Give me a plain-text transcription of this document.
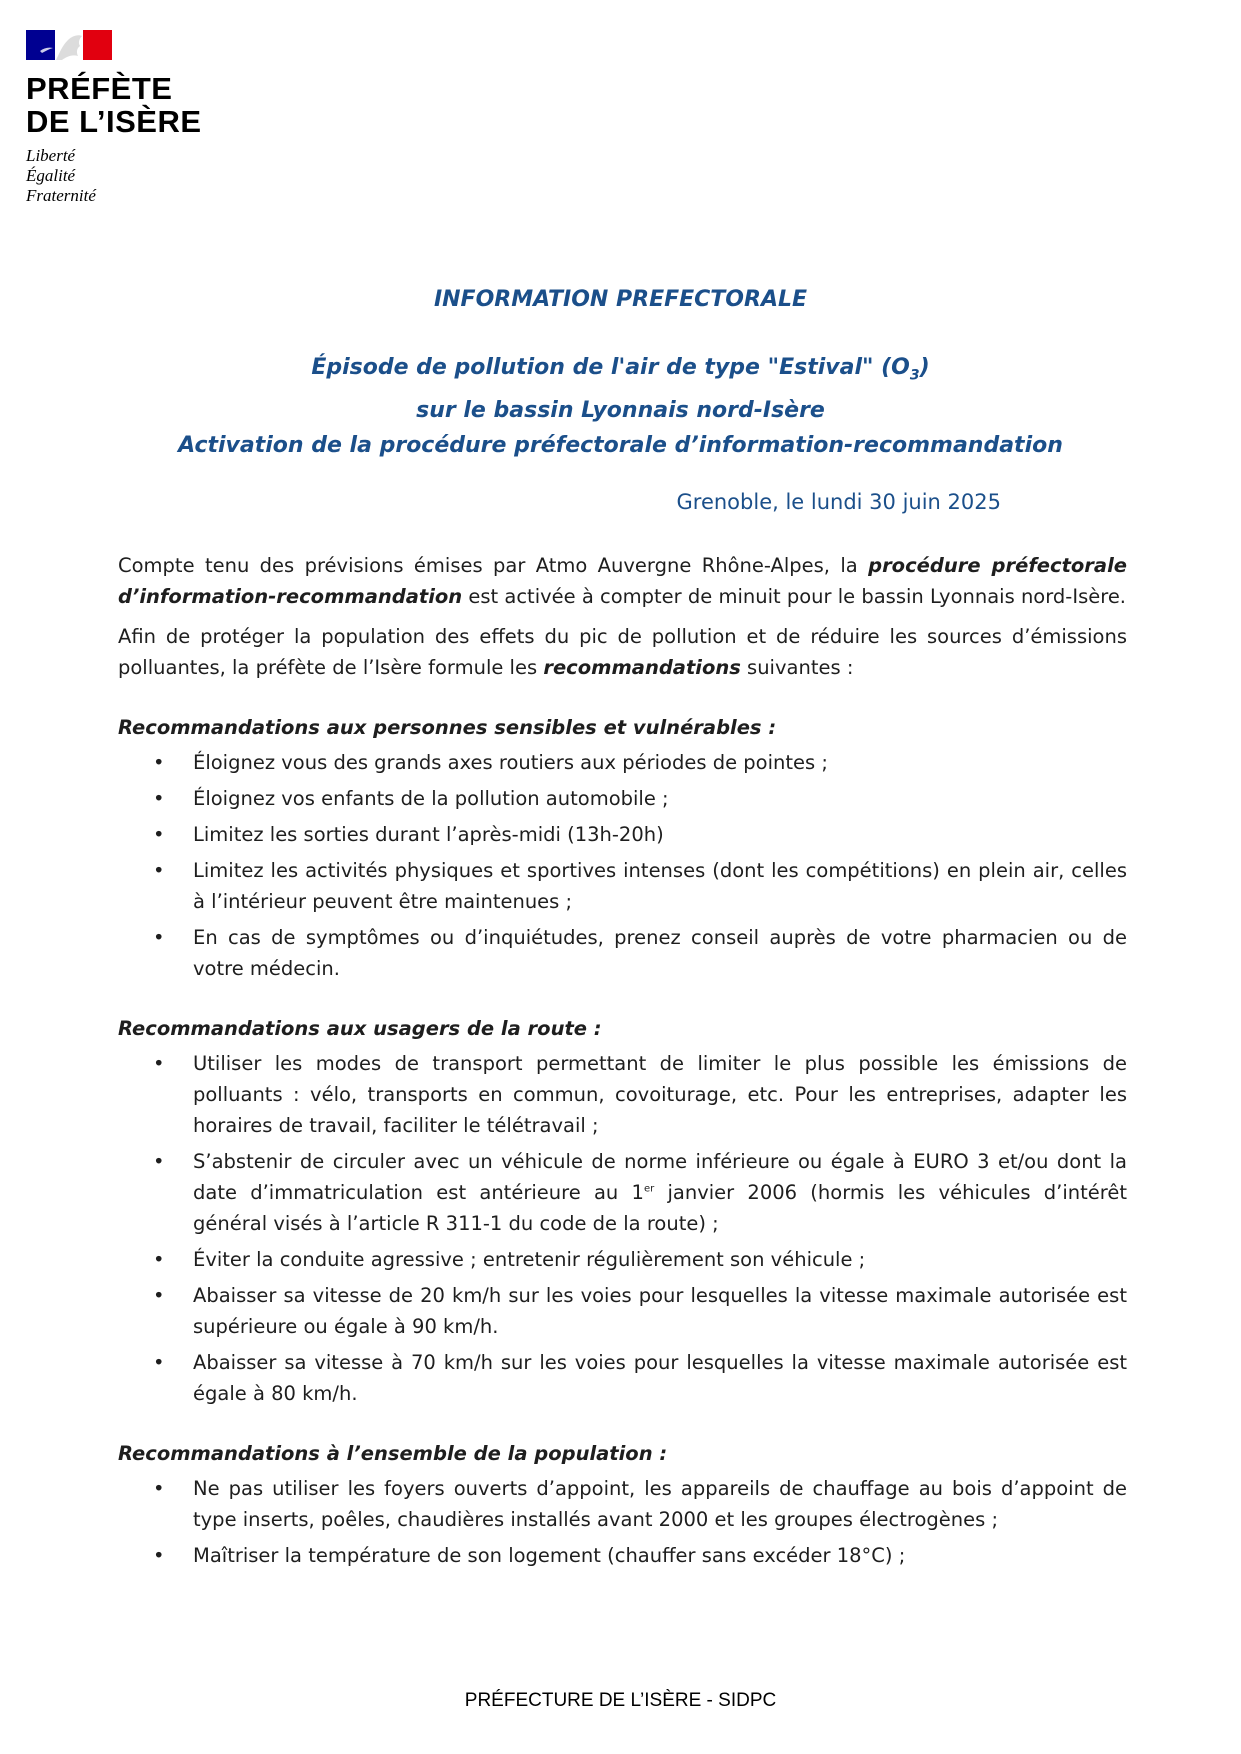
PRÉFÈTE
DE L’ISÈRE
Liberté
Égalité
Fraternité
INFORMATION PREFECTORALE
Épisode de pollution de l'air de type "Estival" $(O_3)$
sur le bassin Lyonnais nord-Isère
Activation de la procédure préfectorale d’information-recommandation
Grenoble, le lundi 30 juin 2025

Compte tenu des prévisions émises par Atmo Auvergne Rhône-Alpes, la procédure préfectorale d’information-recommandation est activée à compter de minuit pour le bassin Lyonnais nord-Isère.

Afin de protéger la population des effets du pic de pollution et de réduire les sources d’émissions polluantes, la préfète de l’Isère formule les recommandations suivantes :

Recommandations aux personnes sensibles et vulnérables :
• Éloignez vous des grands axes routiers aux périodes de pointes ;
• Éloignez vos enfants de la pollution automobile ;
• Limitez les sorties durant l’après-midi (13h-20h)
• Limitez les activités physiques et sportives intenses (dont les compétitions) en plein air, celles à l’intérieur peuvent être maintenues ;
• En cas de symptômes ou d’inquiétudes, prenez conseil auprès de votre pharmacien ou de votre médecin.
Recommandations aux usagers de la route :
• Utiliser les modes de transport permettant de limiter le plus possible les émissions de polluants : vélo, transports en commun, covoiturage, etc. Pour les entreprises, adapter les horaires de travail, faciliter le télétravail ;
• S’abstenir de circuler avec un véhicule de norme inférieure ou égale à EURO 3 et/ou dont la date d’immatriculation est antérieure au 1er janvier 2006 (hormis les véhicules d’intérêt général visés à l’article R 311-1 du code de la route) ;
• Éviter la conduite agressive ; entretenir régulièrement son véhicule ;
• Abaisser sa vitesse de 20 km/h sur les voies pour lesquelles la vitesse maximale autorisée est supérieure ou égale à 90 km/h.
• Abaisser sa vitesse à 70 km/h sur les voies pour lesquelles la vitesse maximale autorisée est égale à 80 km/h.
Recommandations à l’ensemble de la population :
• Ne pas utiliser les foyers ouverts d’appoint, les appareils de chauffage au bois d’appoint de type inserts, poêles, chaudières installés avant 2000 et les groupes électrogènes ;
• Maîtriser la température de son logement (chauffer sans excéder 18°C) ;
PRÉFECTURE DE L’ISÈRE - SIDPC
